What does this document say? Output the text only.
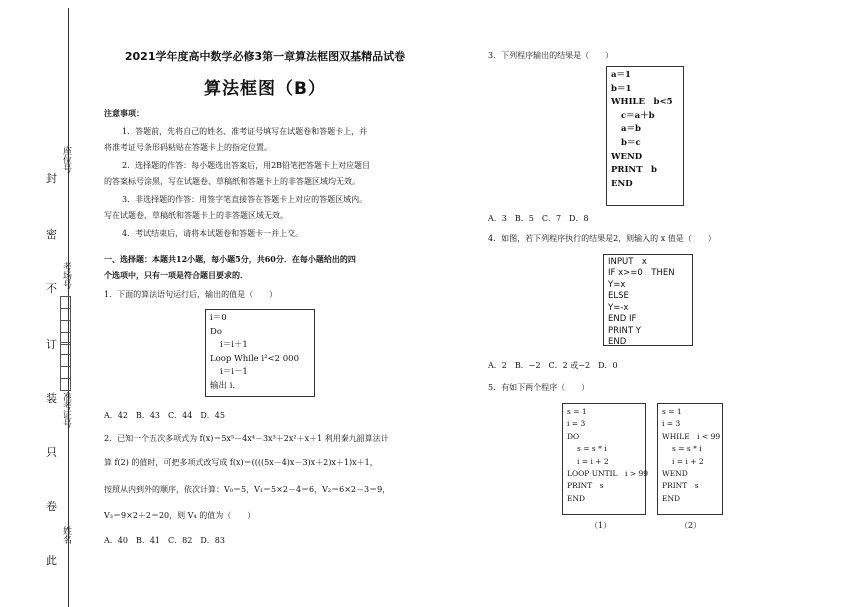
封
密
不
订
装
只
卷
此
座位号
考场号
准考证号
姓名
2021学年度高中数学必修3第一章算法框图双基精品试卷
算法框图（B）
注意事项：
1．答题前，先将自己的姓名、准考证号填写在试题卷和答题卡上，并
将准考证号条形码粘贴在答题卡上的指定位置。
2．选择题的作答：每小题选出答案后，用2B铅笔把答题卡上对应题目
的答案标号涂黑，写在试题卷、草稿纸和答题卡上的非答题区域均无效。
3．非选择题的作答：用签字笔直接答在答题卡上对应的答题区域内。
写在试题卷、草稿纸和答题卡上的非答题区域无效。
4．考试结束后，请将本试题卷和答题卡一并上交。
一、选择题：本题共12小题，每小题5分，共60分．在每小题给出的四
个选项中，只有一项是符合题目要求的．
1．下面的算法语句运行后，输出的值是（　　）
i＝0
Do
i＝i＋1
Loop While i²<2 000
i＝i－1
输出 i.
A．42　B．43　C．44　D．45
2．已知一个五次多项式为 f(x)＝5x⁵－4x⁴－3x³＋2x²＋x＋1 利用秦九韶算法计
算 f(2) 的值时，可把多项式改写成 f(x)＝((((5x－4)x－3)x＋2)x＋1)x＋1，
按照从内到外的顺序，依次计算：V₀＝5，V₁＝5×2－4＝6，V₂＝6×2－3＝9，
V₃＝9×2＋2＝20，则 V₄ 的值为（　　）
A．40　B．41　C．82　D．83
3．下列程序输出的结果是（　　）
a＝1
b＝1
WHILE　b<5
c＝a＋b
a＝b
b＝c
WEND
PRINT　b
END
A．3　B．5　C．7　D．8
4．如图，若下列程序执行的结果是2，则输入的 x 值是（　　）
INPUT　x
IF x>=0　THEN
Y=x
ELSE
Y=-x
END IF
PRINT Y
END
A．2　B．−2　C．2 或−2　D．0
5．有如下两个程序（　　）
s = 1
i = 3
DO
s = s * i
i = i + 2
LOOP UNTIL　i > 99
PRINT　s
END
s = 1
i = 3
WHILE　i < 99
s = s * i
i = i + 2
WEND
PRINT　s
END
（1）	（2）
